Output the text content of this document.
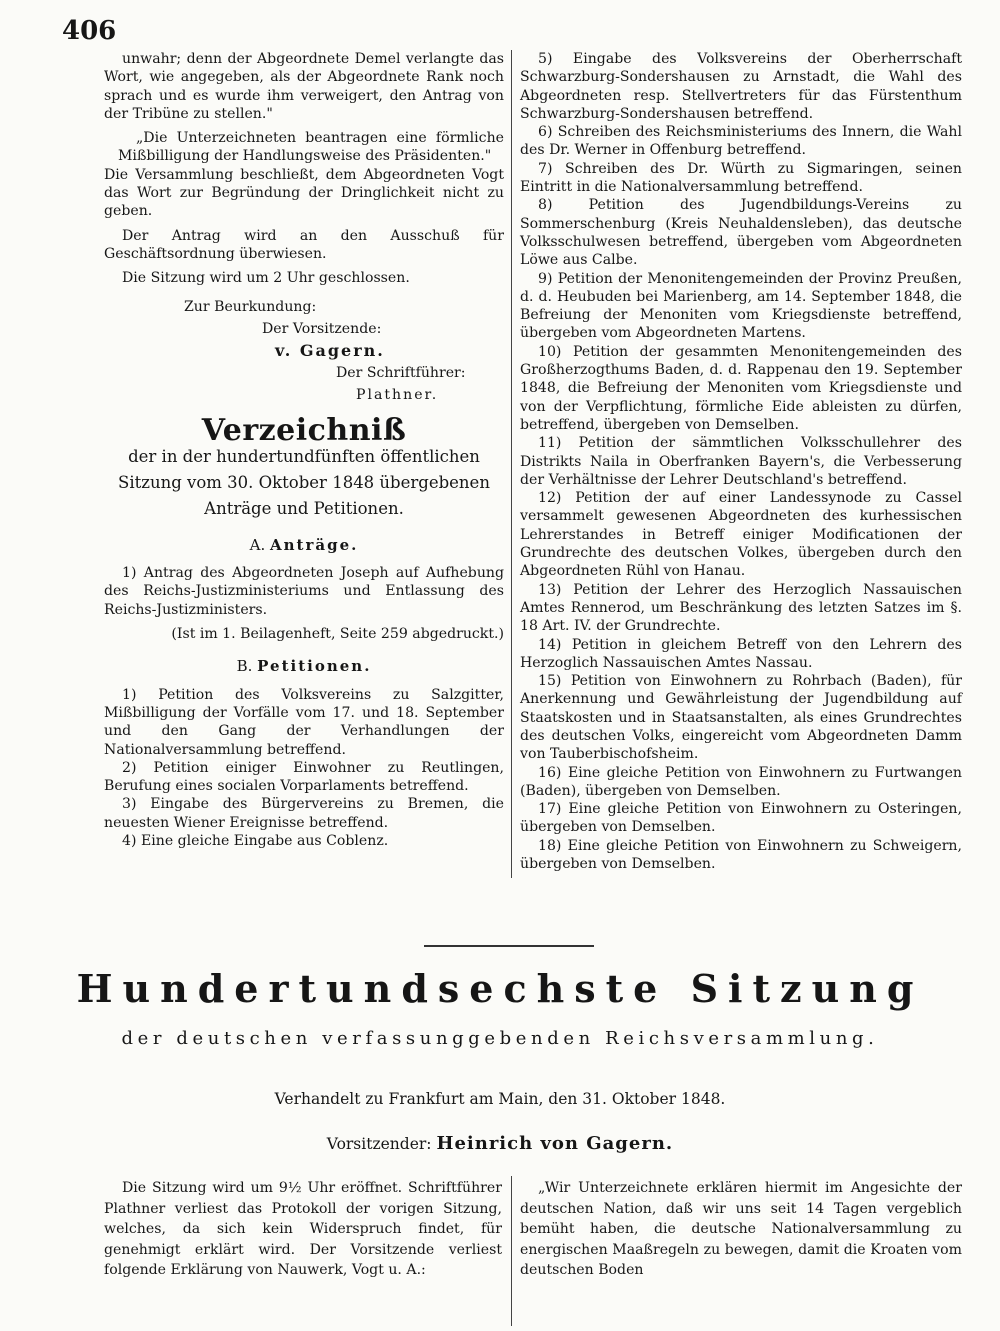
406

unwahr; denn der Abgeordnete Demel verlangte das Wort, wie angegeben, als der Abgeordnete Rank noch sprach und es wurde ihm verweigert, den Antrag von der Tribüne zu stellen."

„Die Unterzeichneten beantragen eine förmliche Mißbilligung der Handlungsweise des Präsidenten."

Die Versammlung beschließt, dem Abgeordneten Vogt das Wort zur Begründung der Dringlichkeit nicht zu geben.

Der Antrag wird an den Ausschuß für Geschäftsordnung überwiesen.

Die Sitzung wird um 2 Uhr geschlossen.

Zur Beurkundung:

Der Vorsitzende:

v. Gagern.

Der Schriftführer:

Plathner.

Verzeichniß
der in der hundertundfünften öffentlichen Sitzung vom 30. Oktober 1848 übergebenen Anträge und Petitionen.
A. Anträge.

1) Antrag des Abgeordneten Joseph auf Aufhebung des Reichs-Justizministeriums und Entlassung des Reichs-Justizministers.

(Ist im 1. Beilagenheft, Seite 259 abgedruckt.)

B. Petitionen.

1) Petition des Volksvereins zu Salzgitter, Mißbilligung der Vorfälle vom 17. und 18. September und den Gang der Verhandlungen der Nationalversammlung betreffend.

2) Petition einiger Einwohner zu Reutlingen, Berufung eines socialen Vorparlaments betreffend.

3) Eingabe des Bürgervereins zu Bremen, die neuesten Wiener Ereignisse betreffend.

4) Eine gleiche Eingabe aus Coblenz.

5) Eingabe des Volksvereins der Oberherrschaft Schwarzburg-Sondershausen zu Arnstadt, die Wahl des Abgeordneten resp. Stellvertreters für das Fürstenthum Schwarzburg-Sondershausen betreffend.

6) Schreiben des Reichsministeriums des Innern, die Wahl des Dr. Werner in Offenburg betreffend.

7) Schreiben des Dr. Würth zu Sigmaringen, seinen Eintritt in die Nationalversammlung betreffend.

8) Petition des Jugendbildungs-Vereins zu Sommerschenburg (Kreis Neuhaldensleben), das deutsche Volksschulwesen betreffend, übergeben vom Abgeordneten Löwe aus Calbe.

9) Petition der Menonitengemeinden der Provinz Preußen, d. d. Heubuden bei Marienberg, am 14. September 1848, die Befreiung der Menoniten vom Kriegsdienste betreffend, übergeben vom Abgeordneten Martens.

10) Petition der gesammten Menonitengemeinden des Großherzogthums Baden, d. d. Rappenau den 19. September 1848, die Befreiung der Menoniten vom Kriegsdienste und von der Verpflichtung, förmliche Eide ableisten zu dürfen, betreffend, übergeben von Demselben.

11) Petition der sämmtlichen Volksschullehrer des Distrikts Naila in Oberfranken Bayern's, die Verbesserung der Verhältnisse der Lehrer Deutschland's betreffend.

12) Petition der auf einer Landessynode zu Cassel versammelt gewesenen Abgeordneten des kurhessischen Lehrerstandes in Betreff einiger Modificationen der Grundrechte des deutschen Volkes, übergeben durch den Abgeordneten Rühl von Hanau.

13) Petition der Lehrer des Herzoglich Nassauischen Amtes Rennerod, um Beschränkung des letzten Satzes im §. 18 Art. IV. der Grundrechte.

14) Petition in gleichem Betreff von den Lehrern des Herzoglich Nassauischen Amtes Nassau.

15) Petition von Einwohnern zu Rohrbach (Baden), für Anerkennung und Gewährleistung der Jugendbildung auf Staatskosten und in Staatsanstalten, als eines Grundrechtes des deutschen Volks, eingereicht vom Abgeordneten Damm von Tauberbischofsheim.

16) Eine gleiche Petition von Einwohnern zu Furtwangen (Baden), übergeben von Demselben.

17) Eine gleiche Petition von Einwohnern zu Osteringen, übergeben von Demselben.

18) Eine gleiche Petition von Einwohnern zu Schweigern, übergeben von Demselben.

Hundertundsechste Sitzung
der deutschen verfassunggebenden Reichsversammlung.
Verhandelt zu Frankfurt am Main, den 31. Oktober 1848.
Vorsitzender: Heinrich von Gagern.

Die Sitzung wird um 9½ Uhr eröffnet. Schriftführer Plathner verliest das Protokoll der vorigen Sitzung, welches, da sich kein Widerspruch findet, für genehmigt erklärt wird. Der Vorsitzende verliest folgende Erklärung von Nauwerk, Vogt u. A.:

„Wir Unterzeichnete erklären hiermit im Angesichte der deutschen Nation, daß wir uns seit 14 Tagen vergeblich bemüht haben, die deutsche Nationalversammlung zu energischen Maaßregeln zu bewegen, damit die Kroaten vom deutschen Boden
